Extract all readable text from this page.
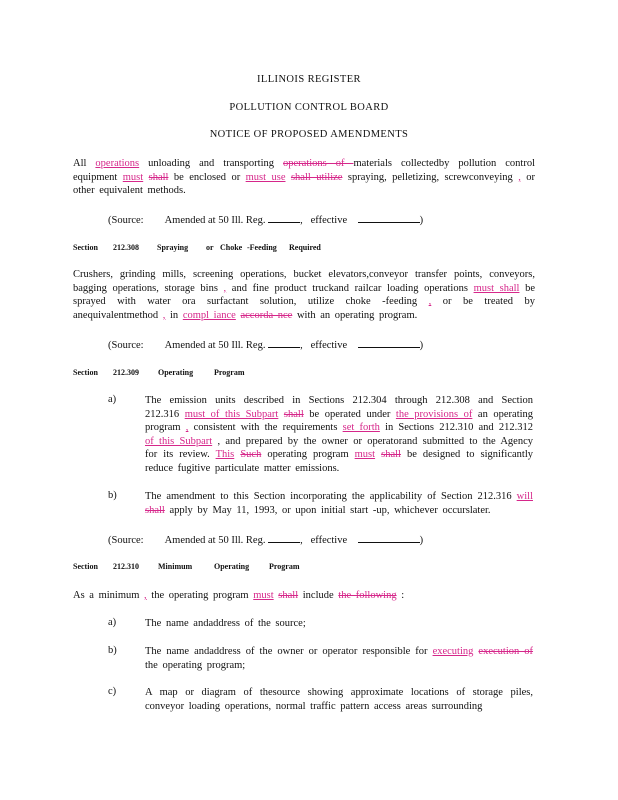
ILLINOIS REGISTER
POLLUTION CONTROL BOARD
NOTICE OF PROPOSED AMENDMENTS
All operations unloading and transporting operations of materials collectedby pollution control equipment must shall be enclosed or must use shall utilize spraying, pelletizing, screwconveying , or other equivalent methods.
(Source: Amended at 50 Ill. Reg.	, effective	)
Section 212.308 Spraying or Choke -Feeding Required
Crushers, grinding mills, screening operations, bucket elevators,conveyor transfer points, conveyors, bagging operations, storage bins , and fine product truckand railcar loading operations must shall be sprayed with water ora surfactant solution, utilize choke -feeding , or be treated by anequivalentmethod , in compl iance accorda nce with an operating program.
(Source: Amended at 50 Ill. Reg.	, effective	)
Section 212.309 Operating	Program
a)	The emission units described in Sections 212.304 through 212.308 and Section 212.316 must of this Subpart shall be operated under the provisions of an operating program , consistent with the requirements set forth in Sections 212.310 and 212.312 of this Subpart , and prepared by the owner or operatorand submitted to the Agency for its review. This Such operating program must shall be designed to significantly reduce fugitive particulate matter emissions.
b)	The amendment to this Section incorporating the applicability of Section 212.316 will shall apply by May 11, 1993, or upon initial start -up, whichever occurslater.
(Source: Amended at 50 Ill. Reg.	, effective	)
Section 212.310 Minimum	Operating Program
As a minimum , the operating program must shall include the following :
a)	The name andaddress of the source;
b)	The name andaddress of the owner or operator responsible for executing execution of the operating program;
c)	A map or diagram of thesource showing approximate locations of storage piles, conveyor loading operations, normal traffic pattern access areas surrounding
